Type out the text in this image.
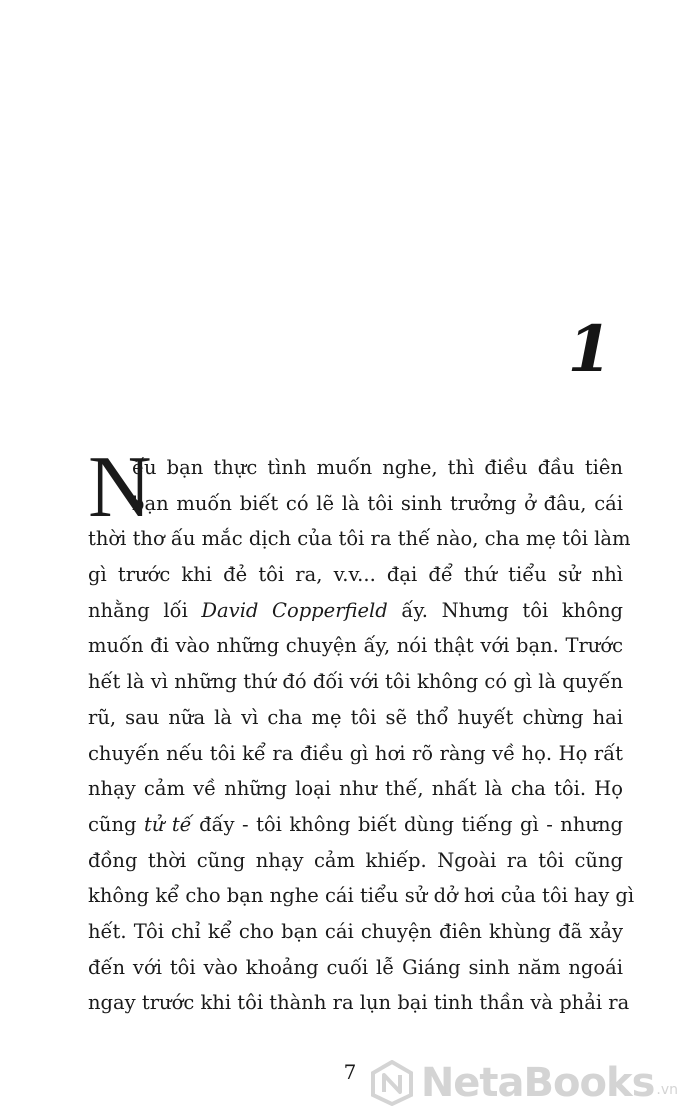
1
N
ếu bạn thực tình muốn nghe, thì điều đầu tiên
bạn muốn biết có lẽ là tôi sinh trưởng ở đâu, cái
thời thơ ấu mắc dịch của tôi ra thế nào, cha mẹ tôi làm
gì trước khi đẻ tôi ra, v.v... đại để thứ tiểu sử nhì
nhằng lối David Copperfield ấy. Nhưng tôi không
muốn đi vào những chuyện ấy, nói thật với bạn. Trước
hết là vì những thứ đó đối với tôi không có gì là quyến
rũ, sau nữa là vì cha mẹ tôi sẽ thổ huyết chừng hai
chuyến nếu tôi kể ra điều gì hơi rõ ràng về họ. Họ rất
nhạy cảm về những loại như thế, nhất là cha tôi. Họ
cũng tử tế đấy - tôi không biết dùng tiếng gì - nhưng
đồng thời cũng nhạy cảm khiếp. Ngoài ra tôi cũng
không kể cho bạn nghe cái tiểu sử dở hơi của tôi hay gì
hết. Tôi chỉ kể cho bạn cái chuyện điên khùng đã xảy
đến với tôi vào khoảng cuối lễ Giáng sinh năm ngoái
ngay trước khi tôi thành ra lụn bại tinh thần và phải ra
7	NetaBooks .vn
